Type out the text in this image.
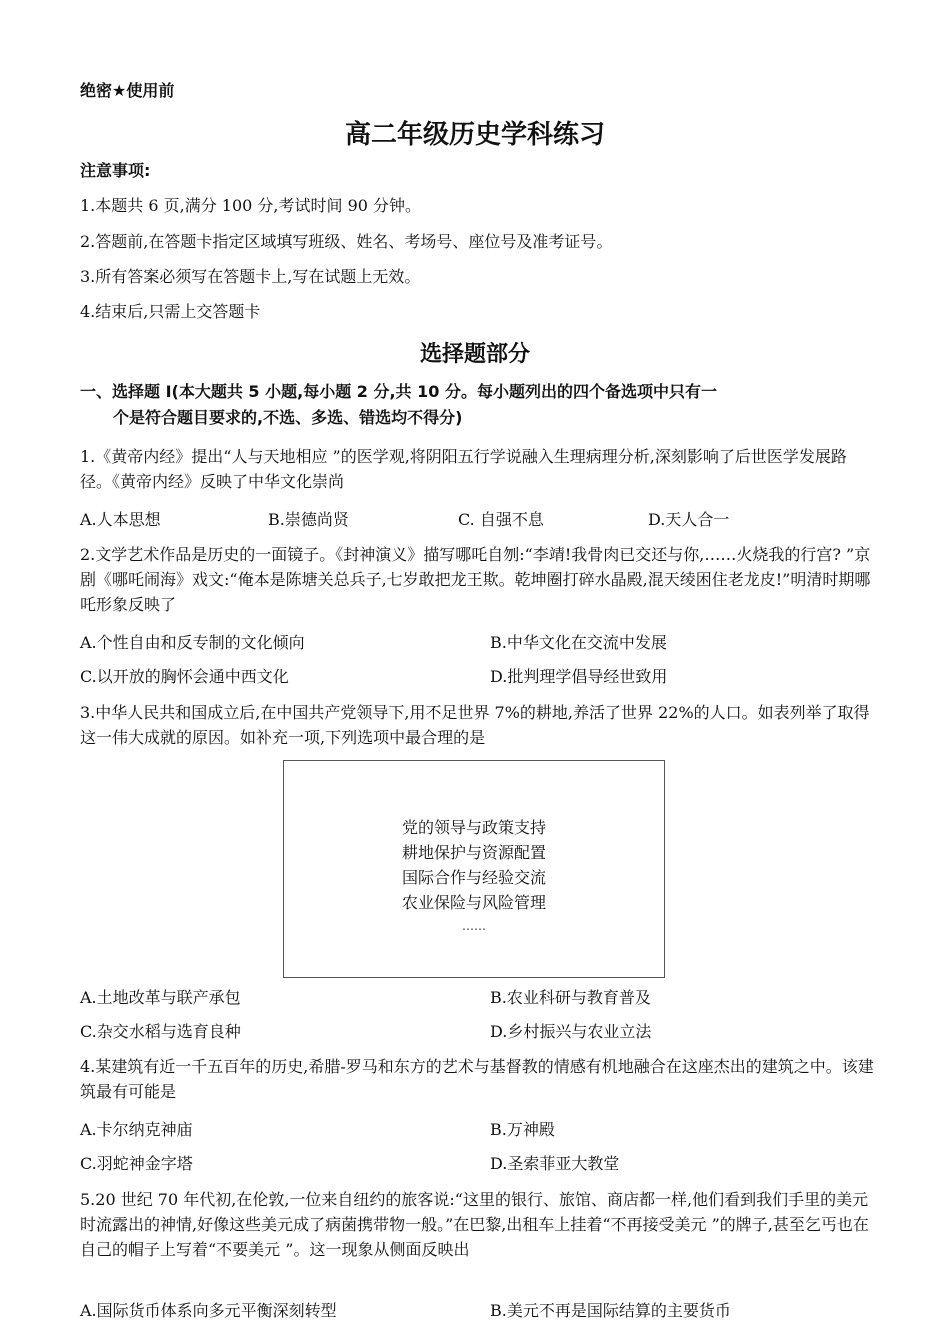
绝密★使用前
高二年级历史学科练习
注意事项:
1.本题共 6 页,满分 100 分,考试时间 90 分钟。
2.答题前,在答题卡指定区域填写班级、姓名、考场号、座位号及准考证号。
3.所有答案必须写在答题卡上,写在试题上无效。
4.结束后,只需上交答题卡
选择题部分
一、选择题 I(本大题共 5 小题,每小题 2 分,共 10 分。每小题列出的四个备选项中只有一
个是符合题目要求的,不选、多选、错选均不得分)
1.《黄帝内经》提出“人与天地相应 ”的医学观,将阴阳五行学说融入生理病理分析,深刻影响了后世医学发展路径。《黄帝内经》反映了中华文化崇尚
A.人本思想	B.崇德尚贤	C. 自强不息	D.天人合一
2.文学艺术作品是历史的一面镜子。《封神演义》描写哪吒自刎:“李靖!我骨肉已交还与你,……火烧我的行宫? ”京剧《哪吒闹海》戏文:“俺本是陈塘关总兵子,七岁敢把龙王欺。乾坤圈打碎水晶殿,混天绫困住老龙皮!”明清时期哪吒形象反映了
A.个性自由和反专制的文化倾向	B.中华文化在交流中发展
C.以开放的胸怀会通中西文化	D.批判理学倡导经世致用
3.中华人民共和国成立后,在中国共产党领导下,用不足世界 7%的耕地,养活了世界 22%的人口。如表列举了取得这一伟大成就的原因。如补充一项,下列选项中最合理的是
党的领导与政策支持
耕地保护与资源配置
国际合作与经验交流
农业保险与风险管理
……
A.土地改革与联产承包	B.农业科研与教育普及
C.杂交水稻与选育良种	D.乡村振兴与农业立法
4.某建筑有近一千五百年的历史,希腊-罗马和东方的艺术与基督教的情感有机地融合在这座杰出的建筑之中。该建筑最有可能是
A.卡尔纳克神庙	B.万神殿
C.羽蛇神金字塔	D.圣索菲亚大教堂
5.20 世纪 70 年代初,在伦敦,一位来自纽约的旅客说:“这里的银行、旅馆、商店都一样,他们看到我们手里的美元时流露出的神情,好像这些美元成了病菌携带物一般。”在巴黎,出租车上挂着“不再接受美元 ”的牌子,甚至乞丐也在自己的帽子上写着“不要美元 ”。这一现象从侧面反映出
A.国际货币体系向多元平衡深刻转型	B.美元不再是国际结算的主要货币
